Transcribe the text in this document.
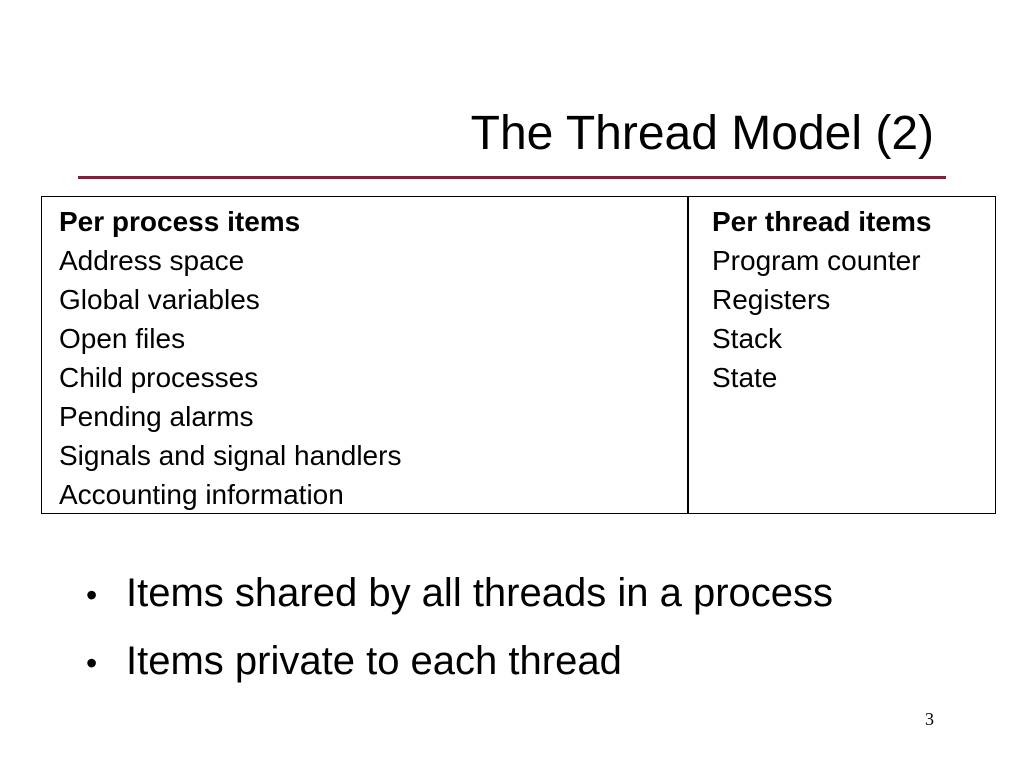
The Thread Model (2)
Per process items
Address space
Global variables
Open files
Child processes
Pending alarms
Signals and signal handlers
Accounting information
Per thread items
Program counter
Registers
Stack
State
• Items shared by all threads in a process
• Items private to each thread
3
